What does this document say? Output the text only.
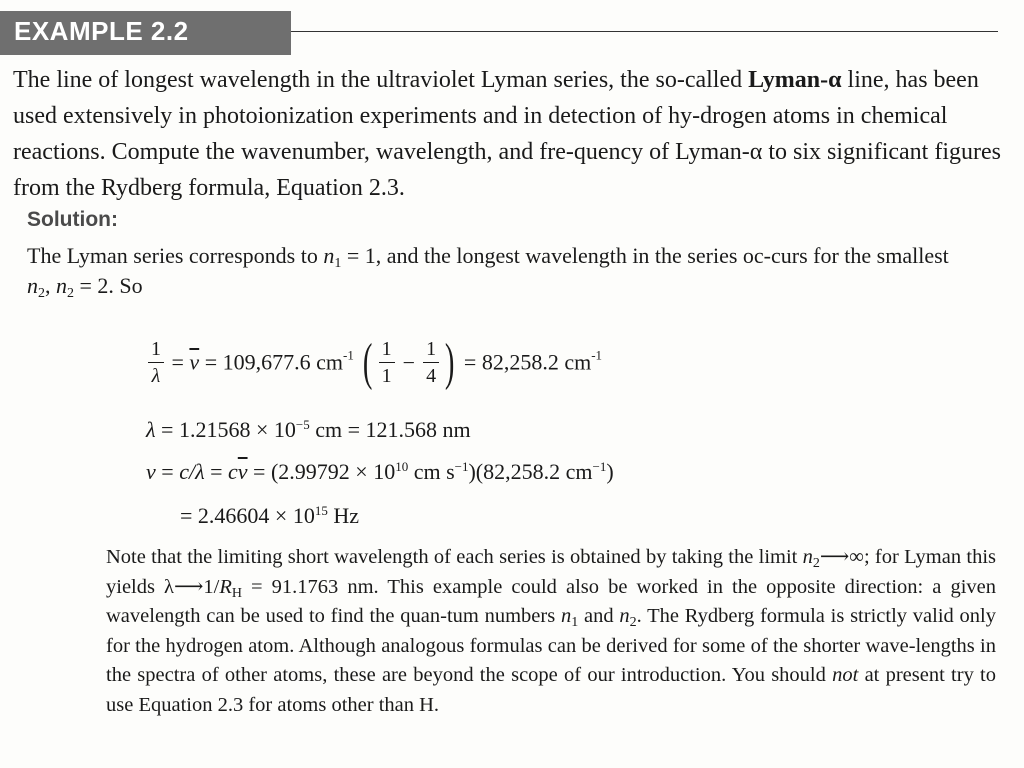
EXAMPLE 2.2
The line of longest wavelength in the ultraviolet Lyman series, the so-called Lyman-α line, has been used extensively in photoionization experiments and in detection of hy-drogen atoms in chemical reactions. Compute the wavenumber, wavelength, and fre-quency of Lyman-α to six significant figures from the Rydberg formula, Equation 2.3.
Solution:
The Lyman series corresponds to $n_1 = 1$, and the longest wavelength in the series oc-curs for the smallest $n_2$, $n_2 = 2$. So
$\frac{1}{\lambda} = \overline{\nu} = 109,677.6$ $cm^{-1}$ ( $\frac{1}{1} - \frac{1}{4}$ ) = 82,258.2 $cm^{-1}$
$\lambda = 1.21568 \times 10^{-5}$ cm = 121.568 nm
$\nu = c/\lambda = c\overline{\nu} = (2.99792 \times 10^{10}$ cm $s^{-1})(82,258.2$ $cm^{-1}$)
= $2.46604 \times 10^{15}$ Hz
Note that the limiting short wavelength of each series is obtained by taking the limit $n_2⟶\infty$; for Lyman this yields $\lambda⟶1/R_H = 91.1763$ nm. This example could also be worked in the opposite direction: a given wavelength can be used to find the quan-tum numbers $n_1$ and $n_2$. The Rydberg formula is strictly valid only for the hydrogen atom. Although analogous formulas can be derived for some of the shorter wave-lengths in the spectra of other atoms, these are beyond the scope of our introduction. You should not at present try to use Equation 2.3 for atoms other than H.
